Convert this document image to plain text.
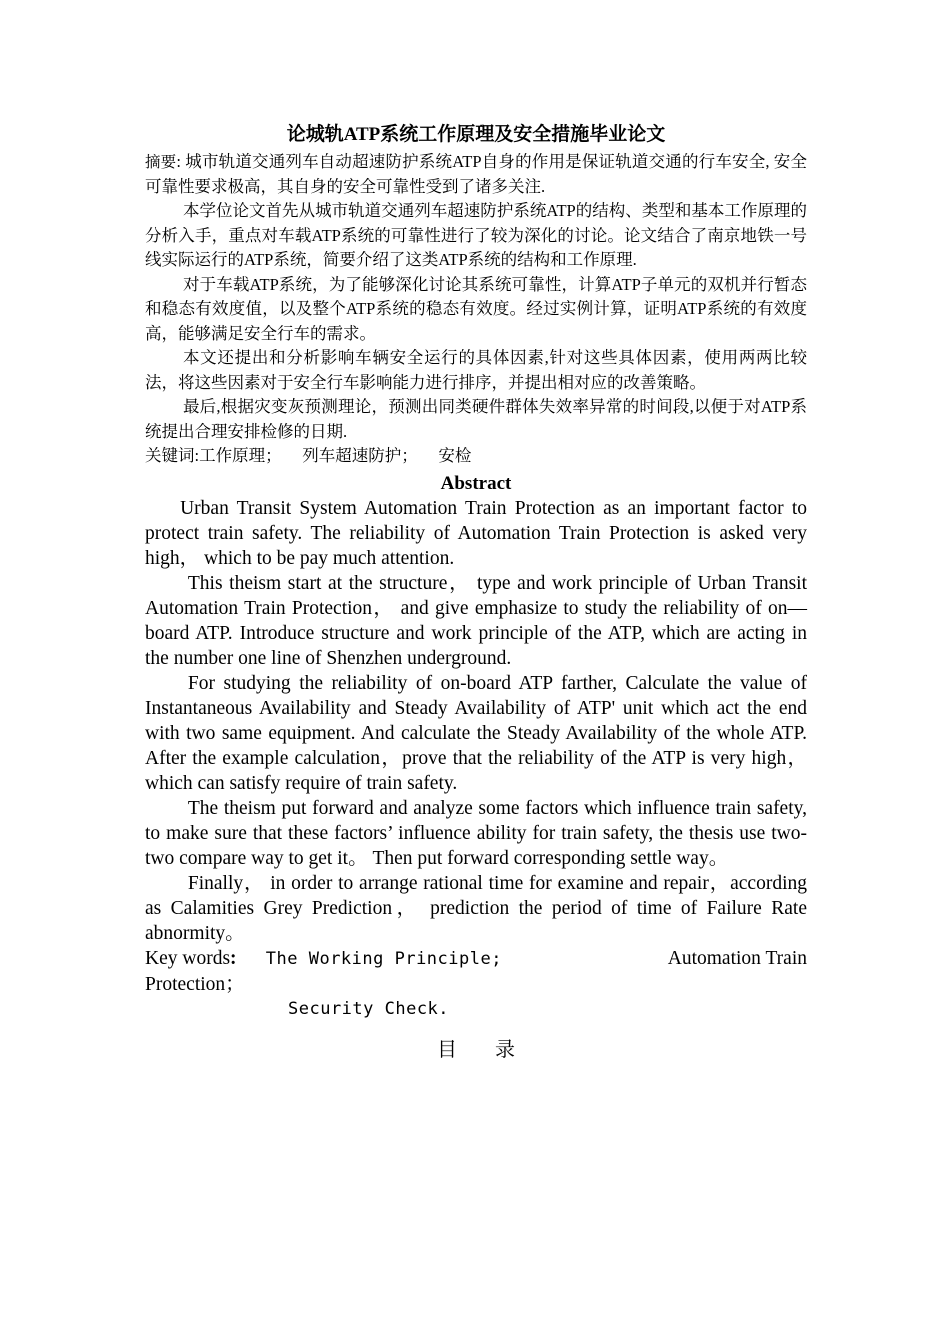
论城轨ATP系统工作原理及安全措施毕业论文

摘要: 城市轨道交通列车自动超速防护系统ATP自身的作用是保证轨道交通的行车安全, 安全可靠性要求极高，其自身的安全可靠性受到了诸多关注.

本学位论文首先从城市轨道交通列车超速防护系统ATP的结构、类型和基本工作原理的分析入手，重点对车载ATP系统的可靠性进行了较为深化的讨论。论文结合了南京地铁一号线实际运行的ATP系统，简要介绍了这类ATP系统的结构和工作原理.

对于车载ATP系统，为了能够深化讨论其系统可靠性，计算ATP子单元的双机并行暂态和稳态有效度值，以及整个ATP系统的稳态有效度。经过实例计算，证明ATP系统的有效度高，能够满足安全行车的需求。

本文还提出和分析影响车辆安全运行的具体因素,针对这些具体因素，使用两两比较法，将这些因素对于安全行车影响能力进行排序，并提出相对应的改善策略。

最后,根据灾变灰预测理论，预测出同类硬件群体失效率异常的时间段,以便于对ATP系统提出合理安排检修的日期.

关键词:工作原理； 列车超速防护； 安检

Abstract

Urban Transit System Automation Train Protection as an important factor to protect train safety. The reliability of Automation Train Protection is asked very high， which to be pay much attention.

This theism start at the structure， type and work principle of Urban Transit Automation Train Protection， and give emphasize to study the reliability of on—board ATP. Introduce structure and work principle of the ATP, which are acting in the number one line of Shenzhen underground.

For studying the reliability of on-board ATP farther, Calculate the value of Instantaneous Availability and Steady Availability of ATP' unit which act the end with two same equipment. And calculate the Steady Availability of the whole ATP. After the example calculation，prove that the reliability of the ATP is very high， which can satisfy require of train safety.

The theism put forward and analyze some factors which influence train safety, to make sure that these factors’ influence ability for train safety, the thesis use two-two compare way to get it。 Then put forward corresponding settle way。

Finally， in order to arrange rational time for examine and repair，according as Calamities Grey Prediction， prediction the period of time of Failure Rate abnormity。

Key words: The Working Principle;	Automation Train
Protection；
Security Check.
目录
